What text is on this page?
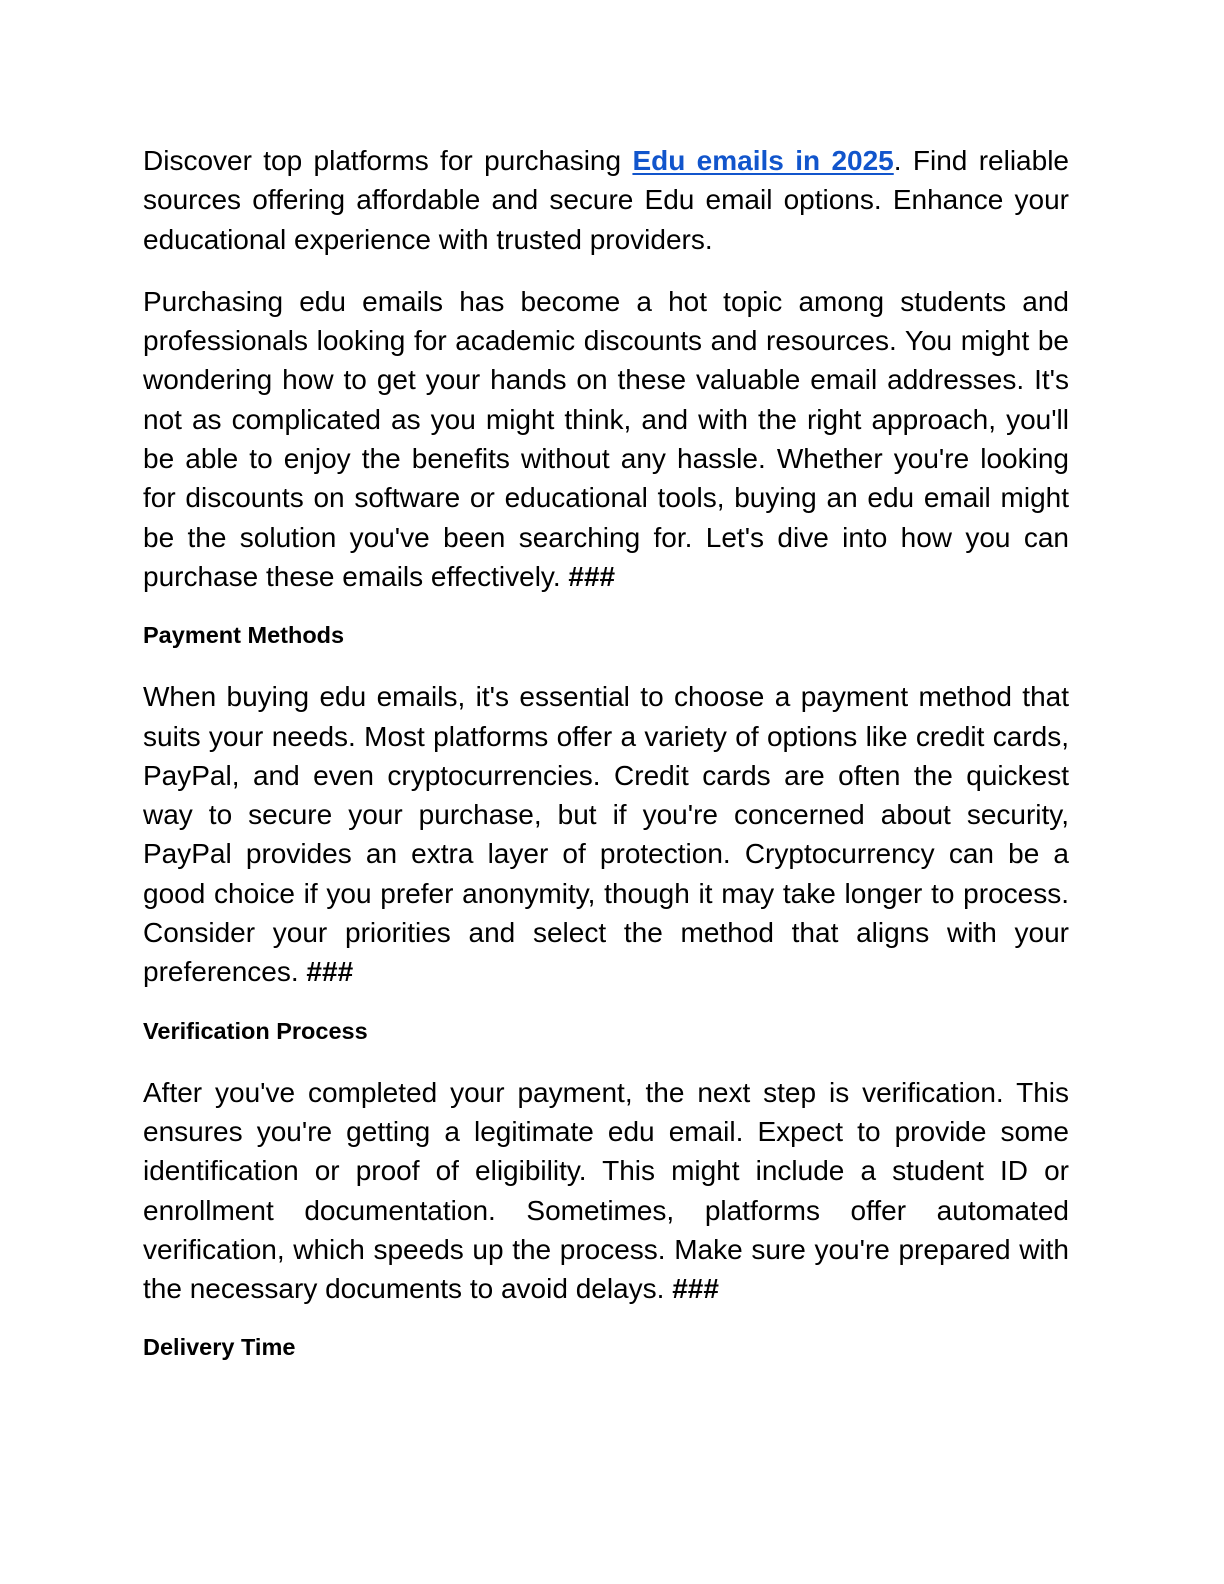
Discover top platforms for purchasing Edu emails in 2025. Find reliable sources offering affordable and secure Edu email options. Enhance your educational experience with trusted providers.

Purchasing edu emails has become a hot topic among students and professionals looking for academic discounts and resources. You might be wondering how to get your hands on these valuable email addresses. It's not as complicated as you might think, and with the right approach, you'll be able to enjoy the benefits without any hassle. Whether you're looking for discounts on software or educational tools, buying an edu email might be the solution you've been searching for. Let's dive into how you can purchase these emails effectively. ###

Payment Methods

When buying edu emails, it's essential to choose a payment method that suits your needs. Most platforms offer a variety of options like credit cards, PayPal, and even cryptocurrencies. Credit cards are often the quickest way to secure your purchase, but if you're concerned about security, PayPal provides an extra layer of protection. Cryptocurrency can be a good choice if you prefer anonymity, though it may take longer to process. Consider your priorities and select the method that aligns with your preferences. ###

Verification Process

After you've completed your payment, the next step is verification. This ensures you're getting a legitimate edu email. Expect to provide some identification or proof of eligibility. This might include a student ID or enrollment documentation. Sometimes, platforms offer automated verification, which speeds up the process. Make sure you're prepared with the necessary documents to avoid delays. ###

Delivery Time
